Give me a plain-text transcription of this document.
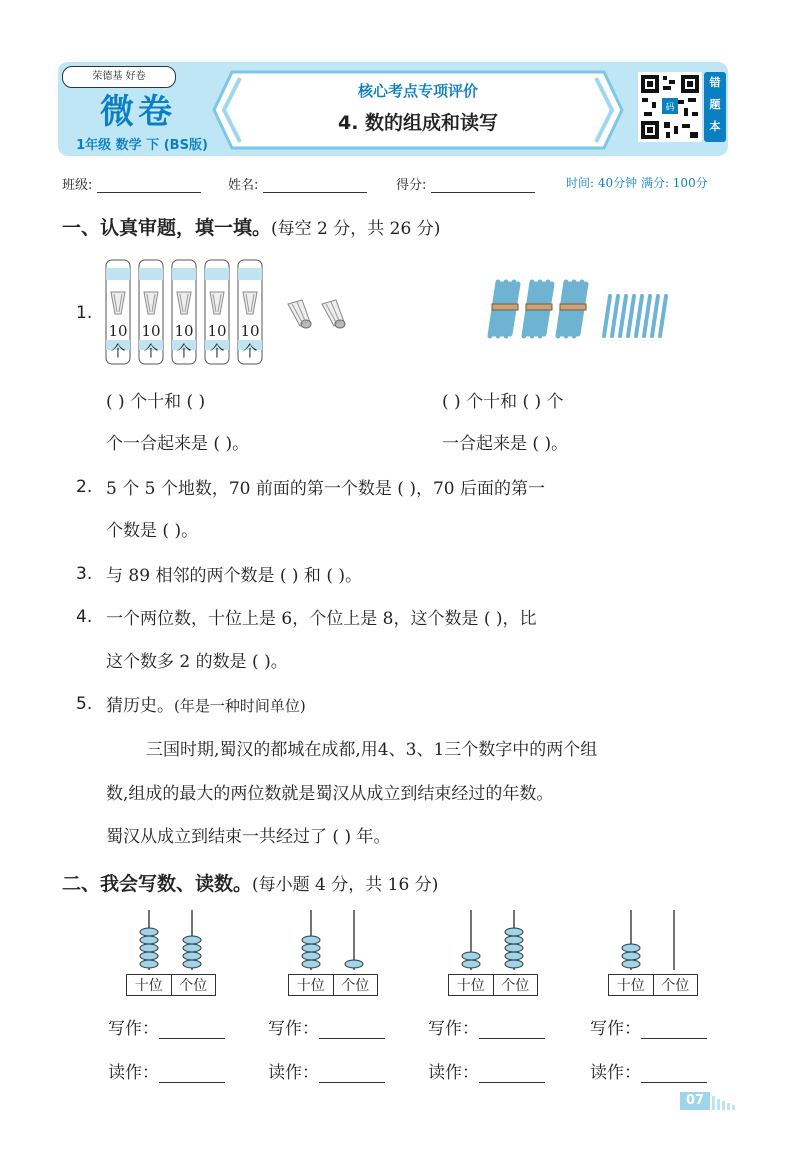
荣德基 好卷
微卷
1年级 数学 下 (BS版)
核心考点专项评价
4. 数的组成和读写
码
错
题
本
班级:	姓名:	得分:	时间: 40分钟 满分: 100分
一、认真审题，填一填。(每空 2 分，共 26 分)
1.
10
个
10
个
10
个
10
个
10
个
( ) 个十和 ( )
个一合起来是 ( )。
( ) 个十和 ( ) 个
一合起来是 ( )。
2. 5 个 5 个地数，70 前面的第一个数是 ( )，70 后面的第一
个数是 ( )。
3. 与 89 相邻的两个数是 ( ) 和 ( )。
4. 一个两位数，十位上是 6，个位上是 8，这个数是 ( )，比
这个数多 2 的数是 ( )。
5. 猜历史。(年是一种时间单位)
三国时期,蜀汉的都城在成都,用4、3、1三个数字中的两个组
数,组成的最大的两位数就是蜀汉从成立到结束经过的年数。
蜀汉从成立到结束一共经过了 ( ) 年。
二、我会写数、读数。(每小题 4 分，共 16 分)
十位	个位	十位	个位	十位	个位	十位	个位
写作：	写作：	写作：	写作：
读作：	读作：	读作：	读作：
07
